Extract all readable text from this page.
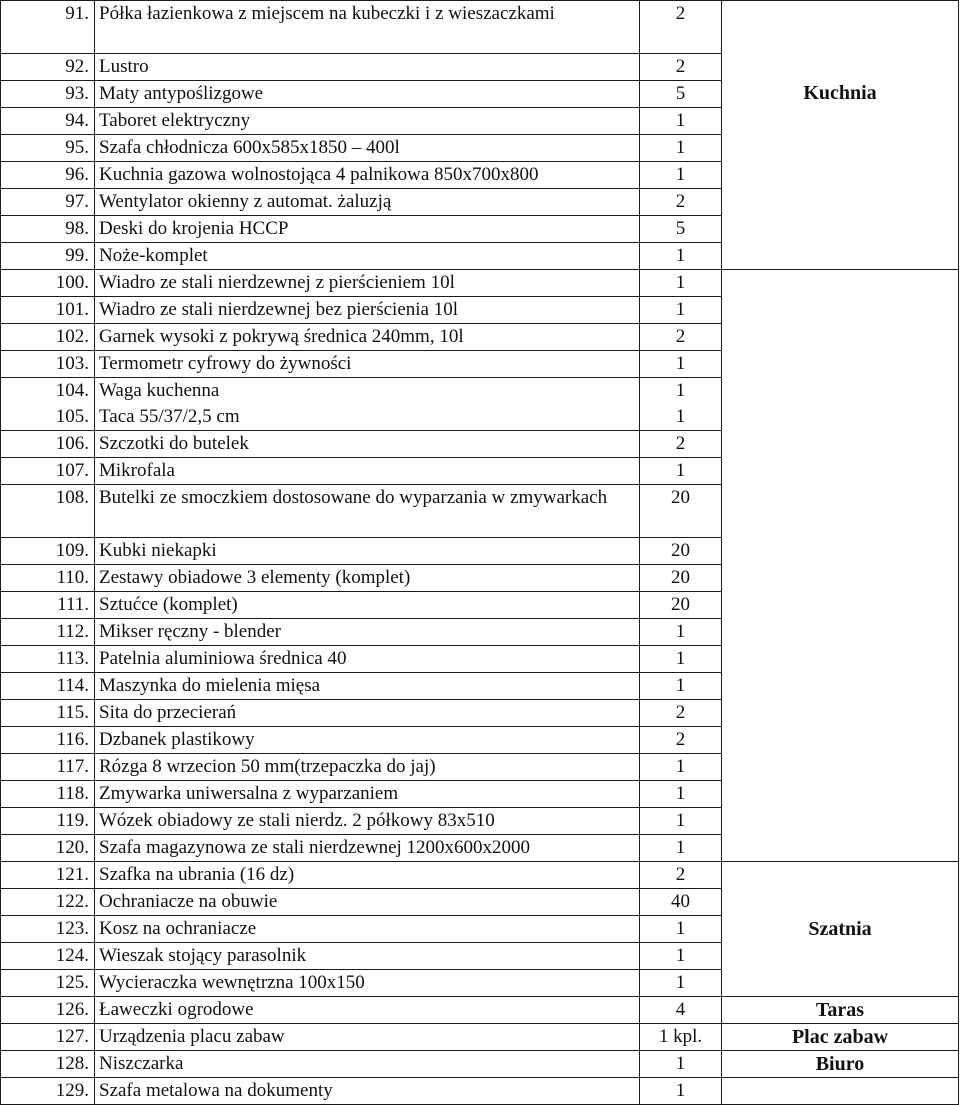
91.	Półka łazienkowa z miejscem na kubeczki i z wieszaczkami	2	Kuchnia

92.	Lustro	2	

93.	Maty antypoślizgowe	5	

94.	Taboret elektryczny	1	

95.	Szafa chłodnicza 600x585x1850 – 400l	1	

96.	Kuchnia gazowa wolnostojąca 4 palnikowa 850x700x800	1	

97.	Wentylator okienny z automat. żaluzją	2	

98.	Deski do krojenia HCCP	5	

99.	Noże-komplet	1	

100.	Wiadro ze stali nierdzewnej z pierścieniem 10l	1	

101.	Wiadro ze stali nierdzewnej bez pierścienia 10l	1	

102.	Garnek wysoki z pokrywą średnica 240mm, 10l	2	

103.	Termometr cyfrowy do żywności	1	

104.	Waga kuchenna	1	

105.	Taca 55/37/2,5 cm	1	

106.	Szczotki do butelek	2	

107.	Mikrofala	1	

108.	Butelki ze smoczkiem dostosowane do wyparzania w zmywarkach	20	

109.	Kubki niekapki	20	

110.	Zestawy obiadowe 3 elementy (komplet)	20	

111.	Sztućce (komplet)	20	

112.	Mikser ręczny - blender	1	

113.	Patelnia aluminiowa średnica 40	1	

114.	Maszynka do mielenia mięsa	1	

115.	Sita do przecierań	2	

116.	Dzbanek plastikowy	2	

117.	Rózga 8 wrzecion 50 mm(trzepaczka do jaj)	1	

118.	Zmywarka uniwersalna z wyparzaniem	1	

119.	Wózek obiadowy ze stali nierdz. 2 półkowy 83x510	1	

120.	Szafa magazynowa ze stali nierdzewnej 1200x600x2000	1	

121.	Szafka na ubrania (16 dz)	2	Szatnia

122.	Ochraniacze na obuwie	40	

123.	Kosz na ochraniacze	1	

124.	Wieszak stojący parasolnik	1	

125.	Wycieraczka wewnętrzna 100x150	1	

126.	Ławeczki ogrodowe	4	Taras

127.	Urządzenia placu zabaw	1 kpl.	Plac zabaw

128.	Niszczarka	1	Biuro

129.	Szafa metalowa na dokumenty	1	
